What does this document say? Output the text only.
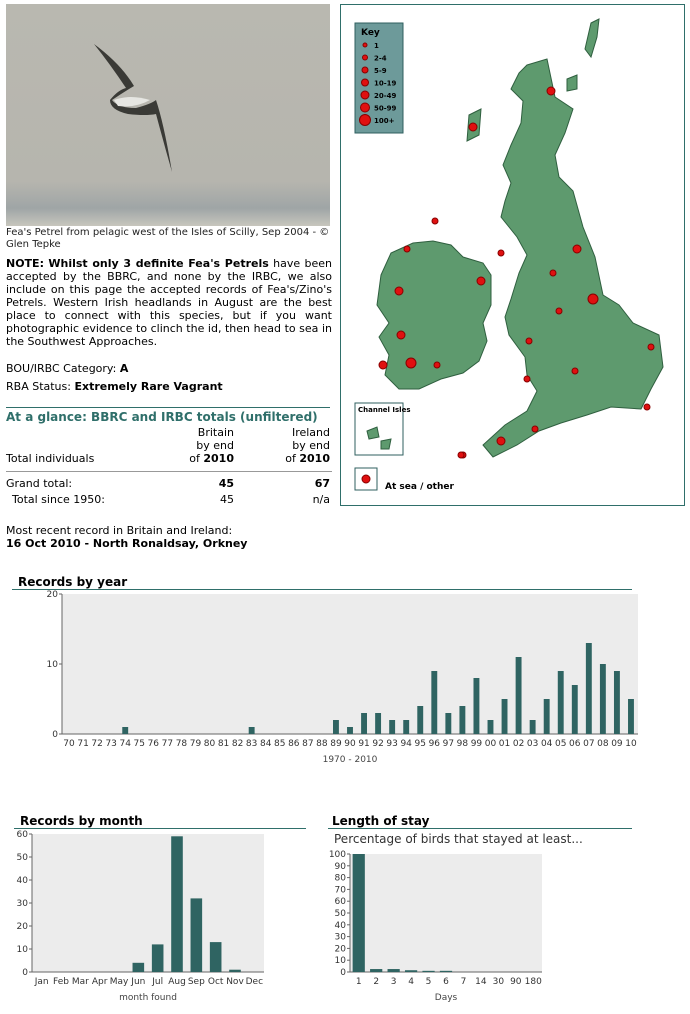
Fea's Petrel from pelagic west of the Isles of Scilly, Sep 2004 - © Glen Tepke
NOTE: Whilst only 3 definite Fea's Petrels have been accepted by the BBRC, and none by the IRBC, we also include on this page the accepted records of Fea's/Zino's Petrels. Western Irish headlands in August are the best place to connect with this species, but if you want photographic evidence to clinch the id, then head to sea in the Southwest Approaches.
BOU/IRBC Category: A
RBA Status: Extremely Rare Vagrant
At a glance: BBRC and IRBC totals (unfiltered)
Total individuals	Britain
by end
of 2010	Ireland
by end
of 2010

Grand total:	45	67
Total since 1950:	45	n/a
Most recent record in Britain and Ireland:
16 Oct 2010 - North Ronaldsay, Orkney
Key
1
2-4
5-9
10-19
20-49
50-99
100+
Channel Isles
At sea / other
Records by year
0
10
20
70 71 72 73 74 75 76 77 78 79 80 81 82 83 84 85 86 87 88 89 90 91 92 93 94 95 96 97 98 99 00 01 02 03 04 05 06 07 08 09 10
1970 - 2010
Records by month
0
10
20
30
40
50
60
Jan Feb Mar Apr May Jun Jul Aug Sep Oct Nov Dec
month found
Length of stay
Percentage of birds that stayed at least...
0
10
20
30
40
50
60
70
80
90
100
1 2 3 4 5 6 7 14 30 90 180
Days
